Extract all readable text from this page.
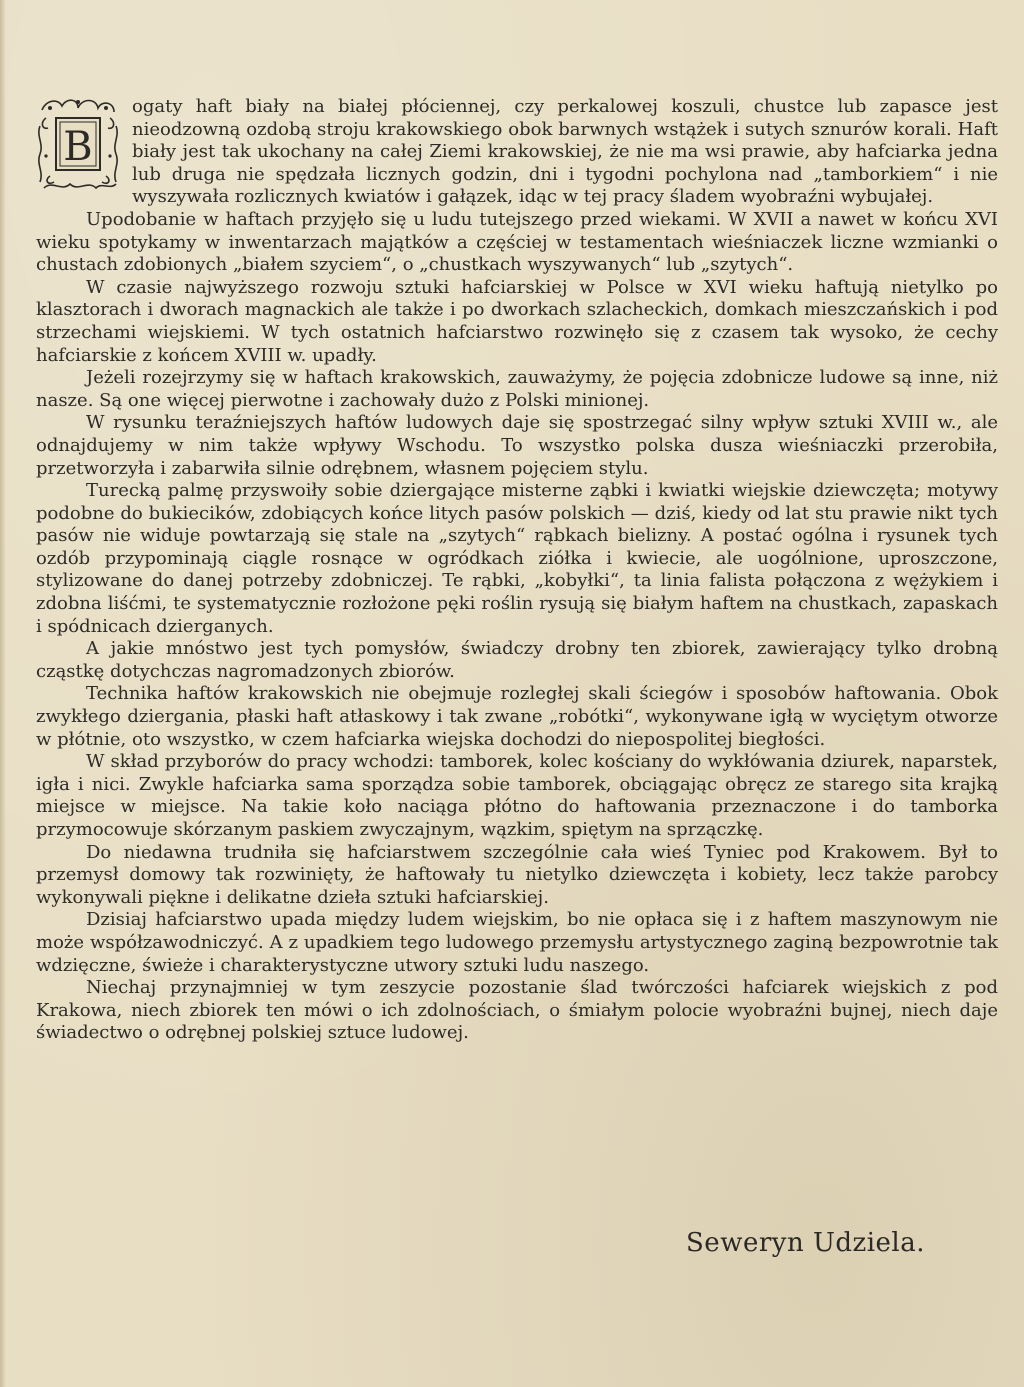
B
ogaty haft biały na białej płóciennej, czy perkalowej koszuli, chustce lub zapasce jest nieodzowną ozdobą stroju krakowskiego obok barwnych wstążek i sutych sznurów korali. Haft biały jest tak ukochany na całej Ziemi krakowskiej, że nie ma wsi prawie, aby hafciarka jedna lub druga nie spędzała licznych godzin, dni i tygodni pochylona nad „tamborkiem“ i nie wyszywała rozlicznych kwiatów i gałązek, idąc w tej pracy śladem wyobraźni wybujałej.

Upodobanie w haftach przyjęło się u ludu tutejszego przed wiekami. W XVII a nawet w końcu XVI wieku spotykamy w inwentarzach majątków a częściej w testamentach wieśniaczek liczne wzmianki o chustach zdobionych „białem szyciem“, o „chustkach wyszywanych“ lub „szytych“.

W czasie najwyższego rozwoju sztuki hafciarskiej w Polsce w XVI wieku haftują nietylko po klasztorach i dworach magnackich ale także i po dworkach szlacheckich, domkach mieszczańskich i pod strzechami wiejskiemi. W tych ostatnich hafciarstwo rozwinęło się z czasem tak wysoko, że cechy hafciarskie z końcem XVIII w. upadły.

Jeżeli rozejrzymy się w haftach krakowskich, zauważymy, że pojęcia zdobnicze ludowe są inne, niż nasze. Są one więcej pierwotne i zachowały dużo z Polski minionej.

W rysunku teraźniejszych haftów ludowych daje się spostrzegać silny wpływ sztuki XVIII w., ale odnajdujemy w nim także wpływy Wschodu. To wszystko polska dusza wieśniaczki przerobiła, przetworzyła i zabarwiła silnie odrębnem, własnem pojęciem stylu.

Turecką palmę przyswoiły sobie dziergające misterne ząbki i kwiatki wiejskie dziewczęta; motywy podobne do bukiecików, zdobiących końce litych pasów polskich — dziś, kiedy od lat stu prawie nikt tych pasów nie widuje powtarzają się stale na „szytych“ rąbkach bielizny. A postać ogólna i rysunek tych ozdób przypominają ciągle rosnące w ogródkach ziółka i kwiecie, ale uogólnione, uproszczone, stylizowane do danej potrzeby zdobniczej. Te rąbki, „kobyłki“, ta linia falista połączona z wężykiem i zdobna liśćmi, te systematycznie rozłożone pęki roślin rysują się białym haftem na chustkach, zapaskach i spódnicach dzierganych.

A jakie mnóstwo jest tych pomysłów, świadczy drobny ten zbiorek, zawierający tylko drobną cząstkę dotychczas nagromadzonych zbiorów.

Technika haftów krakowskich nie obejmuje rozległej skali ściegów i sposobów haftowania. Obok zwykłego dziergania, płaski haft atłaskowy i tak zwane „robótki“, wykonywane igłą w wyciętym otworze w płótnie, oto wszystko, w czem hafciarka wiejska dochodzi do niepospolitej biegłości.

W skład przyborów do pracy wchodzi: tamborek, kolec kościany do wykłówania dziurek, naparstek, igła i nici. Zwykle hafciarka sama sporządza sobie tamborek, obciągając obręcz ze starego sita krajką miejsce w miejsce. Na takie koło naciąga płótno do haftowania przeznaczone i do tamborka przymocowuje skórzanym paskiem zwyczajnym, wązkim, spiętym na sprzączkę.

Do niedawna trudniła się hafciarstwem szczególnie cała wieś Tyniec pod Krakowem. Był to przemysł domowy tak rozwinięty, że haftowały tu nietylko dziewczęta i kobiety, lecz także parobcy wykonywali piękne i delikatne dzieła sztuki hafciarskiej.

Dzisiaj hafciarstwo upada między ludem wiejskim, bo nie opłaca się i z haftem maszynowym nie może współzawodniczyć. A z upadkiem tego ludowego przemysłu artystycznego zaginą bezpowrotnie tak wdzięczne, świeże i charakterystyczne utwory sztuki ludu naszego.

Niechaj przynajmniej w tym zeszycie pozostanie ślad twórczości hafciarek wiejskich z pod Krakowa, niech zbiorek ten mówi o ich zdolnościach, o śmiałym polocie wyobraźni bujnej, niech daje świadectwo o odrębnej polskiej sztuce ludowej.

Seweryn Udziela.
